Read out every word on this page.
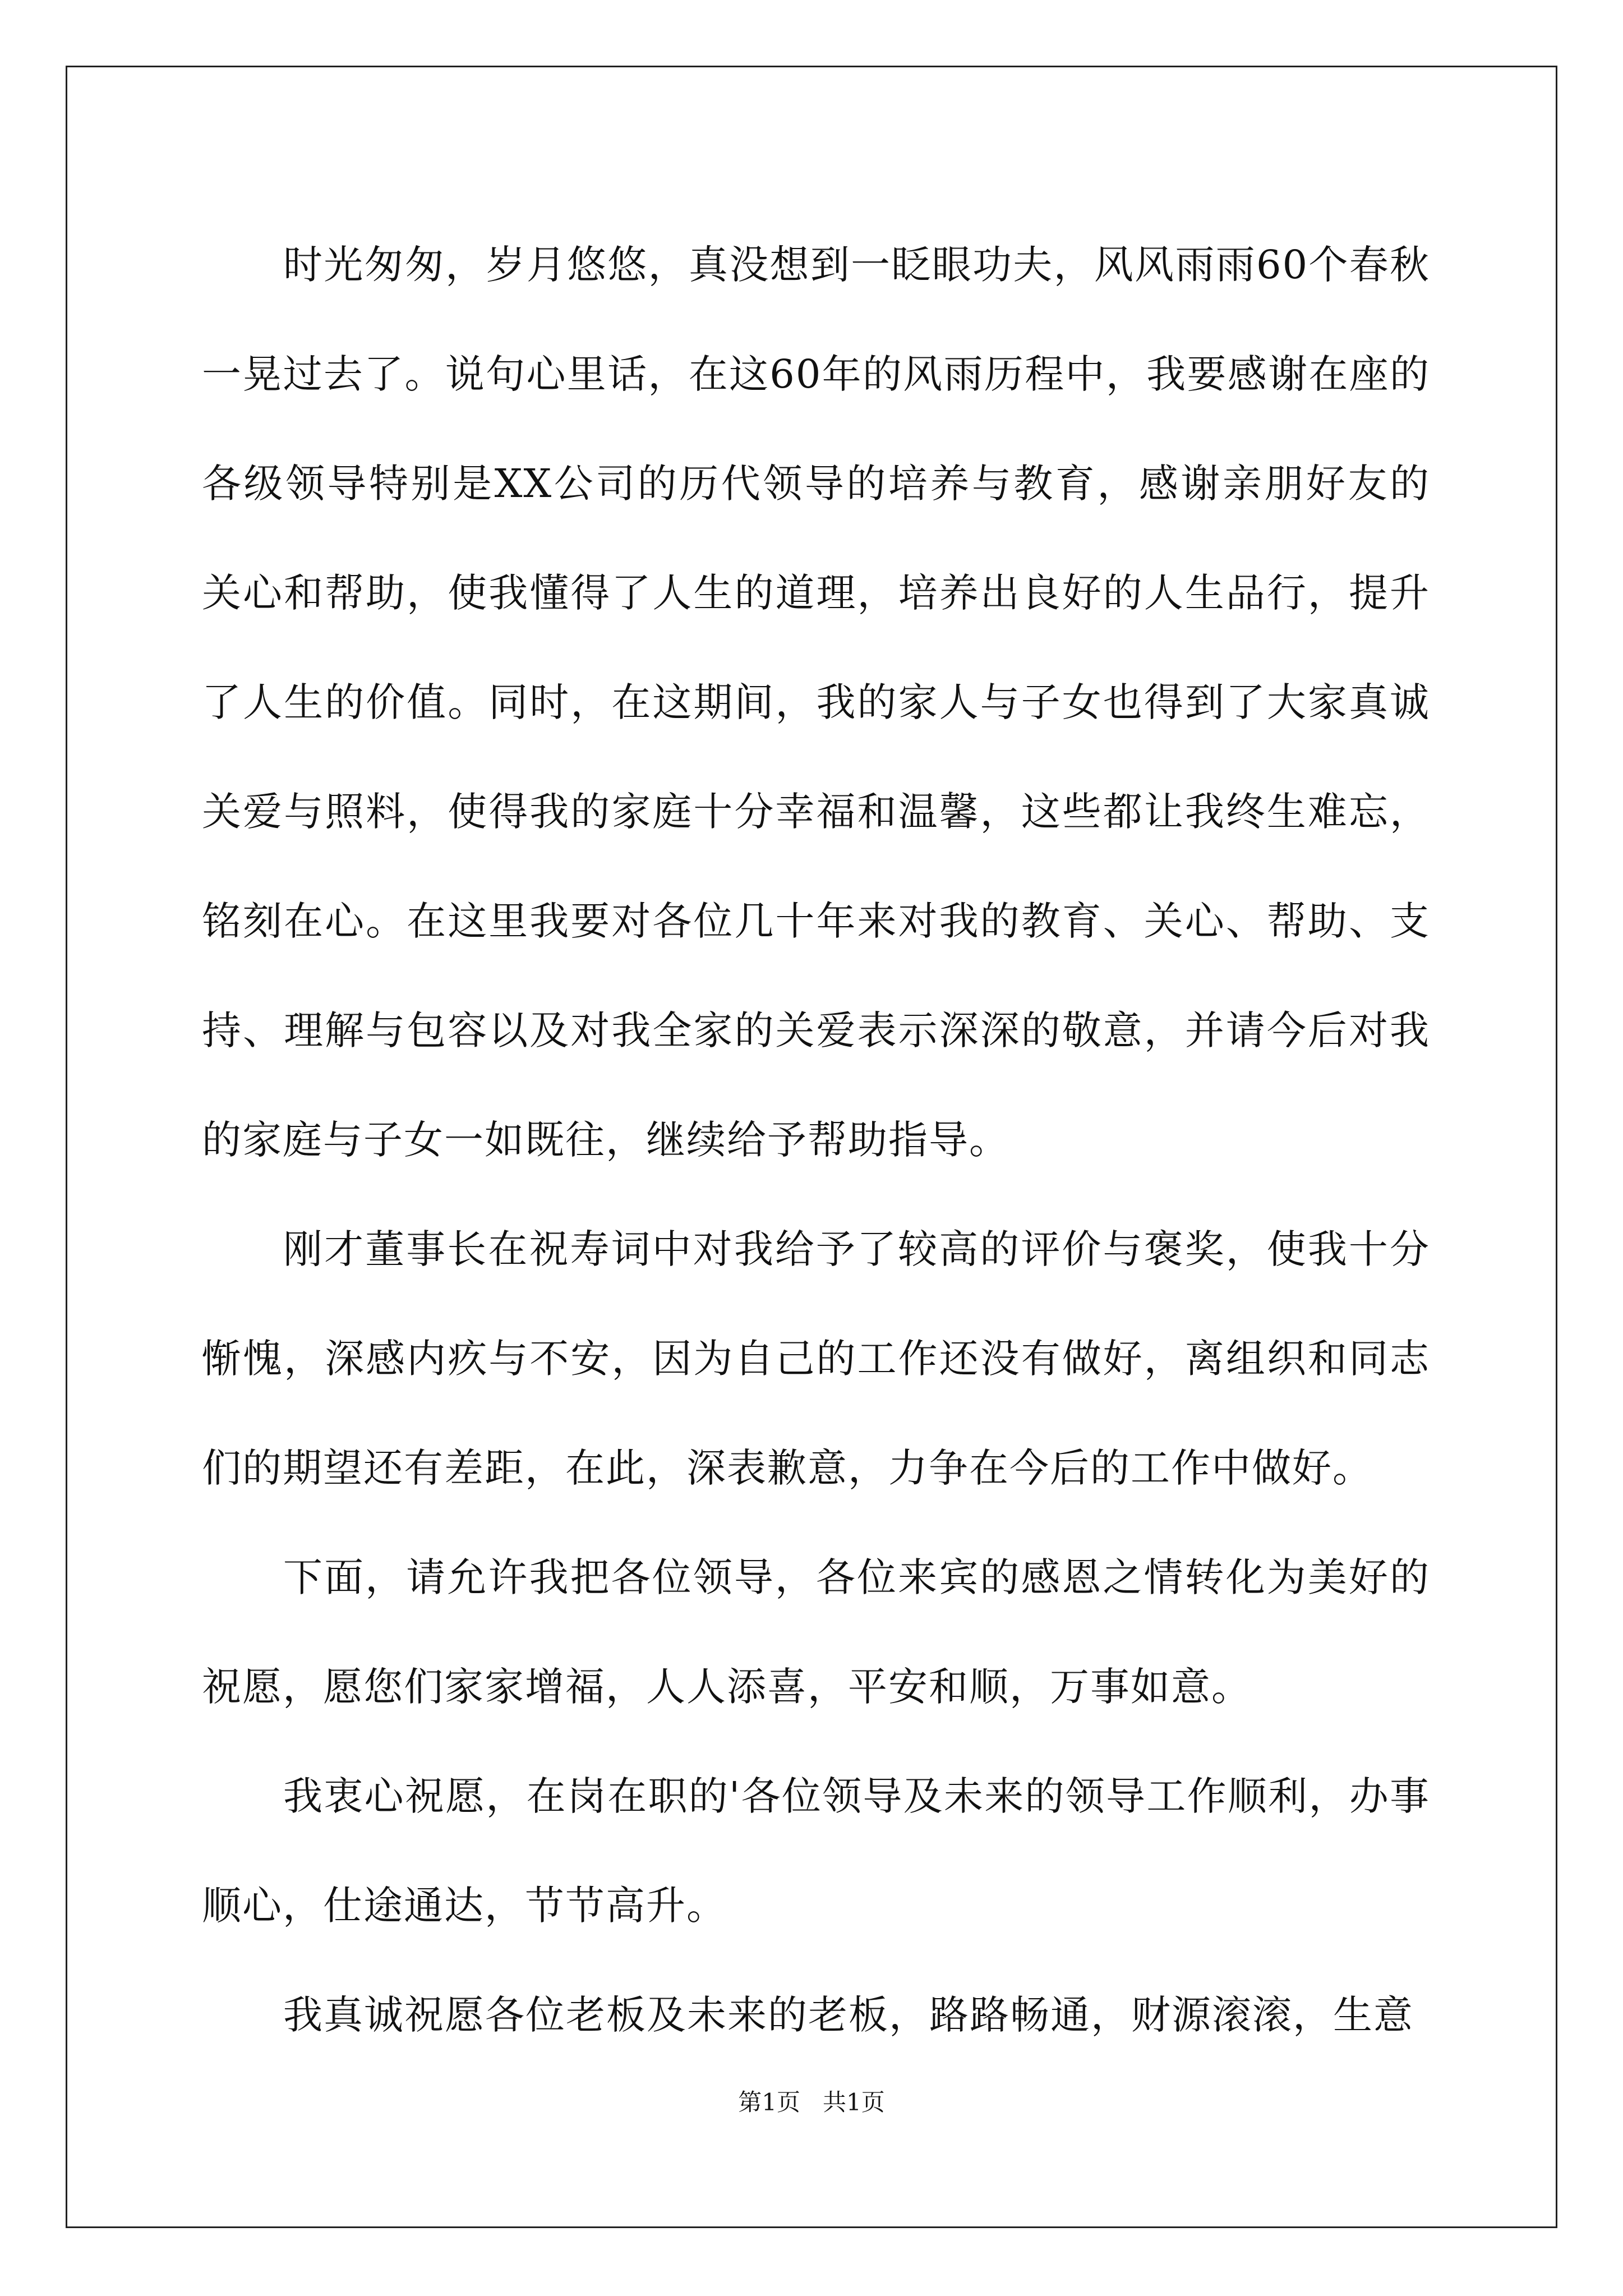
时光匆匆，岁月悠悠，真没想到一眨眼功夫，风风雨雨60个春秋一晃过去了。说句心里话，在这60年的风雨历程中，我要感谢在座的各级领导特别是XX公司的历代领导的培养与教育，感谢亲朋好友的关心和帮助，使我懂得了人生的道理，培养出良好的人生品行，提升了人生的价值。同时，在这期间，我的家人与子女也得到了大家真诚关爱与照料，使得我的家庭十分幸福和温馨，这些都让我终生难忘，铭刻在心。在这里我要对各位几十年来对我的教育、关心、帮助、支持、理解与包容以及对我全家的关爱表示深深的敬意，并请今后对我的家庭与子女一如既往，继续给予帮助指导。

刚才董事长在祝寿词中对我给予了较高的评价与褒奖，使我十分惭愧，深感内疚与不安，因为自己的工作还没有做好，离组织和同志们的期望还有差距，在此，深表歉意，力争在今后的工作中做好。

下面，请允许我把各位领导，各位来宾的感恩之情转化为美好的祝愿，愿您们家家增福，人人添喜，平安和顺，万事如意。

我衷心祝愿，在岗在职的'各位领导及未来的领导工作顺利，办事顺心，仕途通达，节节高升。

我真诚祝愿各位老板及未来的老板，路路畅通，财源滚滚，生意

第1页 共1页
